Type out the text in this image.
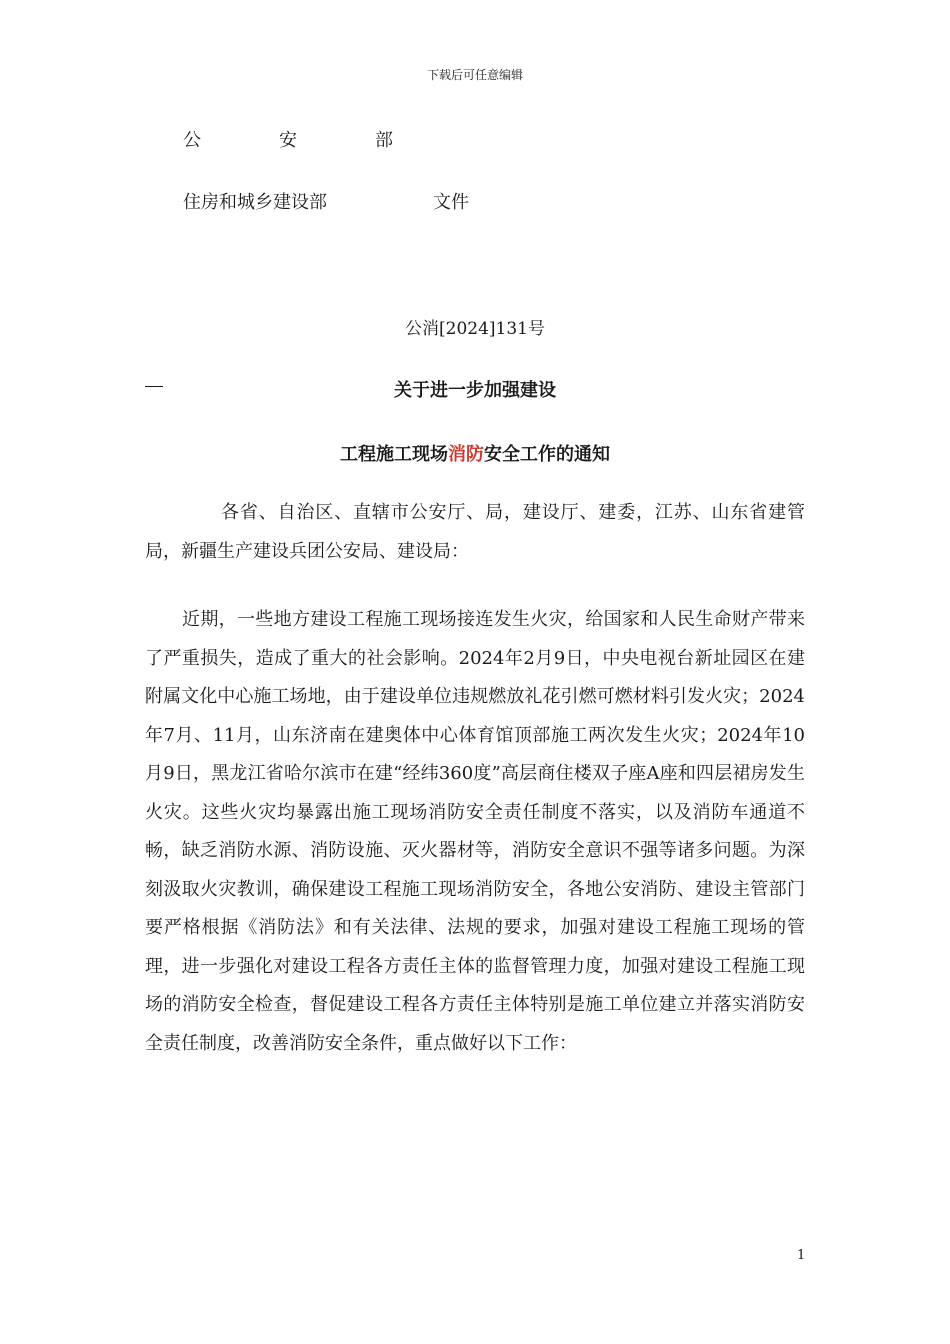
下载后可任意编辑
公	安	部
住房和城乡建设部	文件
公消[2024]131号
关于进一步加强建设
工程施工现场消防安全工作的通知
各省、自治区、直辖市公安厅、局，建设厅、建委，江苏、山东省建管局，新疆生产建设兵团公安局、建设局：
近期，一些地方建设工程施工现场接连发生火灾，给国家和人民生命财产带来了严重损失，造成了重大的社会影响。2024年2月9日，中央电视台新址园区在建附属文化中心施工场地，由于建设单位违规燃放礼花引燃可燃材料引发火灾；2024年7月、11月，山东济南在建奥体中心体育馆顶部施工两次发生火灾；2024年10月9日，黑龙江省哈尔滨市在建“经纬360度”高层商住楼双子座A座和四层裙房发生火灾。这些火灾均暴露出施工现场消防安全责任制度不落实，以及消防车通道不畅，缺乏消防水源、消防设施、灭火器材等，消防安全意识不强等诸多问题。为深刻汲取火灾教训，确保建设工程施工现场消防安全，各地公安消防、建设主管部门要严格根据《消防法》和有关法律、法规的要求，加强对建设工程施工现场的管理，进一步强化对建设工程各方责任主体的监督管理力度，加强对建设工程施工现场的消防安全检查，督促建设工程各方责任主体特别是施工单位建立并落实消防安全责任制度，改善消防安全条件，重点做好以下工作：
1
